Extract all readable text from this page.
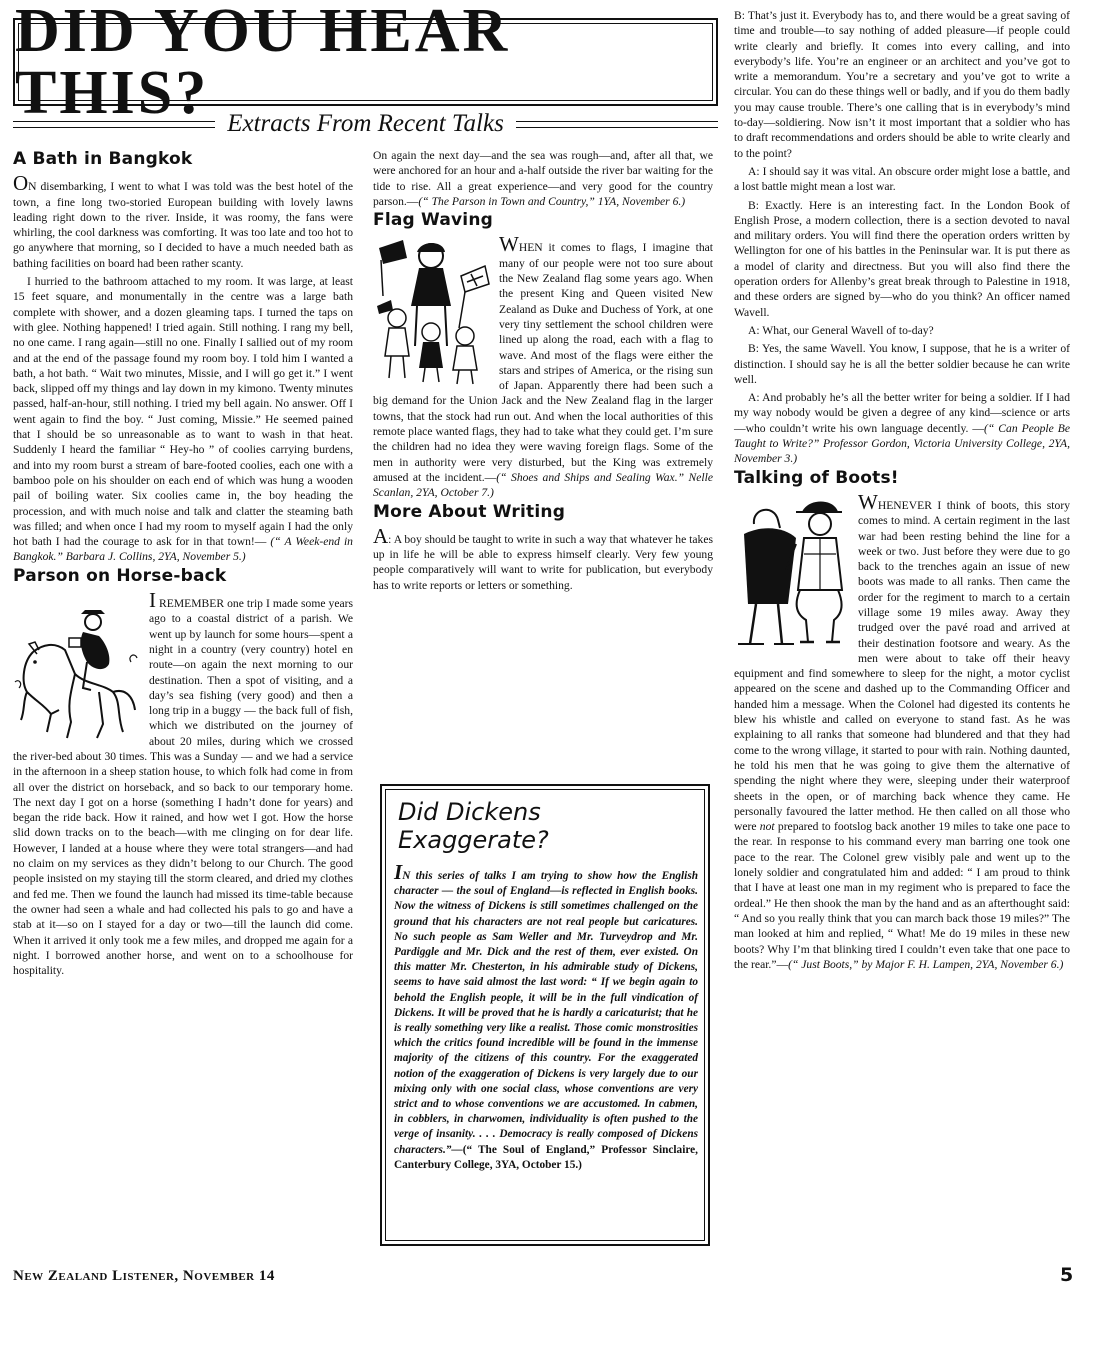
DID YOU HEAR THIS? Extracts From Recent Talks
A Bath in Bangkok

ON disembarking, I went to what I was told was the best hotel of the town, a fine long two-storied European building with lovely lawns leading right down to the river. Inside, it was roomy, the fans were whirling, the cool darkness was comforting. It was too late and too hot to go anywhere that morning, so I decided to have a much needed bath as bathing facilities on board had been rather scanty.

I hurried to the bathroom attached to my room. It was large, at least 15 feet square, and monumentally in the centre was a large bath complete with shower, and a dozen gleaming taps. I turned the taps on with glee. Nothing happened! I tried again. Still nothing. I rang my bell, no one came. I rang again—still no one. Finally I sallied out of my room and at the end of the passage found my room boy. I told him I wanted a bath, a hot bath. “ Wait two minutes, Missie, and I will go get it.” I went back, slipped off my things and lay down in my kimono. Twenty minutes passed, half-an-hour, still nothing. I tried my bell again. No answer. Off I went again to find the boy. “ Just coming, Missie.” He seemed pained that I should be so unreasonable as to want to wash in that heat. Suddenly I heard the familiar “ Hey-ho ” of coolies carrying burdens, and into my room burst a stream of bare-footed coolies, each one with a bamboo pole on his shoulder on each end of which was hung a wooden pail of boiling water. Six coolies came in, the boy heading the procession, and with much noise and talk and clatter the steaming bath was filled; and when once I had my room to myself again I had the only hot bath I had the courage to ask for in that town!— (“ A Week-end in Bangkok.” Barbara J. Collins, 2YA, November 5.)

Parson on Horse-back

I REMEMBER one trip I made some years ago to a coastal district of a parish. We went up by launch for some hours—spent a night in a country (very country) hotel en route—on again the next morning to our destination. Then a spot of visiting, and a day’s sea fishing (very good) and then a long trip in a buggy — the back full of fish, which we distributed on the journey of about 20 miles, during which we crossed the river-bed about 30 times. This was a Sunday — and we had a service in the afternoon in a sheep station house, to which folk had come in from all over the district on horseback, and so back to our temporary home. The next day I got on a horse (something I hadn’t done for years) and began the ride back. How it rained, and how wet I got. How the horse slid down tracks on to the beach—with me clinging on for dear life. However, I landed at a house where they were total strangers—and had no claim on my services as they didn’t belong to our Church. The good people insisted on my staying till the storm cleared, and dried my clothes and fed me. Then we found the launch had missed its time-table because the owner had seen a whale and had collected his pals to go and have a stab at it—so on I stayed for a day or two—till the launch did come. When it arrived it only took me a few miles, and dropped me again for a night. I borrowed another horse, and went on to a schoolhouse for hospitality.

On again the next day—and the sea was rough—and, after all that, we were anchored for an hour and a-half outside the river bar waiting for the tide to rise. All a great experience—and very good for the country parson.—(“ The Parson in Town and Country,” 1YA, November 6.)

Flag Waving

W
HEN it comes to flags, I imagine that many of our people were not too sure about the New Zealand flag some years ago. When the present King and Queen visited New Zealand as Duke and Duchess of York, at one very tiny settlement the school children were lined up along the road, each with a flag to wave. And most of the flags were either the stars and stripes of America, or the rising sun of Japan. Apparently there had been such a big demand for the Union Jack and the New Zealand flag in the larger towns, that the stock had run out. And when the local authorities of this remote place wanted flags, they had to take what they could get. I’m sure the children had no idea they were waving foreign flags. Some of the men in authority were very disturbed, but the King was extremely amused at the incident.—(“ Shoes and Ships and Sealing Wax.” Nelle Scanlan, 2YA, October 7.)

More About Writing

A: A boy should be taught to write in such a way that whatever he takes up in life he will be able to express himself clearly. Very few young people comparatively will want to write for publication, but everybody has to write reports or letters or something.

Did Dickens Exaggerate?

IN this series of talks I am trying to show how the English character — the soul of England—is reflected in English books. Now the witness of Dickens is still sometimes challenged on the ground that his characters are not real people but caricatures. No such people as Sam Weller and Mr. Turveydrop and Mr. Pardiggle and Mr. Dick and the rest of them, ever existed. On this matter Mr. Chesterton, in his admirable study of Dickens, seems to have said almost the last word: “ If we begin again to behold the English people, it will be in the full vindication of Dickens. It will be proved that he is hardly a caricaturist; that he is really something very like a realist. Those comic monstrosities which the critics found incredible will be found in the immense majority of the citizens of this country. For the exaggerated notion of the exaggeration of Dickens is very largely due to our mixing only with one social class, whose conventions are very strict and to whose conventions we are accustomed. In cabmen, in cobblers, in charwomen, individuality is often pushed to the verge of insanity. . . . Democracy is really composed of Dickens characters.”—(“ The Soul of England,” Professor Sinclaire, Canterbury College, 3YA, October 15.)

B: That’s just it. Everybody has to, and there would be a great saving of time and trouble—to say nothing of added pleasure—if people could write clearly and briefly. It comes into every calling, and into everybody’s life. You’re an engineer or an architect and you’ve got to write a memorandum. You’re a secretary and you’ve got to write a circular. You can do these things well or badly, and if you do them badly you may cause trouble. There’s one calling that is in everybody’s mind to-day—soldiering. Now isn’t it most important that a soldier who has to draft recommendations and orders should be able to write clearly and to the point?

A: I should say it was vital. An obscure order might lose a battle, and a lost battle might mean a lost war.

B: Exactly. Here is an interesting fact. In the London Book of English Prose, a modern collection, there is a section devoted to naval and military orders. You will find there the operation orders written by Wellington for one of his battles in the Peninsular war. It is put there as a model of clarity and directness. But you will also find there the operation orders for Allenby’s great break through to Palestine in 1918, and these orders are signed by—who do you think? An officer named Wavell.

A: What, our General Wavell of to-day?

B: Yes, the same Wavell. You know, I suppose, that he is a writer of distinction. I should say he is all the better soldier because he can write well.

A: And probably he’s all the better writer for being a soldier. If I had my way nobody would be given a degree of any kind—science or arts—who couldn’t write his own language decently. —(“ Can People Be Taught to Write?” Professor Gordon, Victoria University College, 2YA, November 3.)

Talking of Boots!

W
HENEVER I think of boots, this story comes to mind. A certain regiment in the last war had been resting behind the line for a week or two. Just before they were due to go back to the trenches again an issue of new boots was made to all ranks. Then came the order for the regiment to march to a certain village some 19 miles away. Away they trudged over the pavé road and arrived at their destination footsore and weary. As the men were about to take off their heavy equipment and find somewhere to sleep for the night, a motor cyclist appeared on the scene and dashed up to the Commanding Officer and handed him a message. When the Colonel had digested its contents he blew his whistle and called on everyone to stand fast. As he was explaining to all ranks that someone had blundered and that they had come to the wrong village, it started to pour with rain. Nothing daunted, he told his men that he was going to give them the alternative of spending the night where they were, sleeping under their waterproof sheets in the open, or of marching back whence they came. He personally favoured the latter method. He then called on all those who were not prepared to footslog back another 19 miles to take one pace to the rear. In response to his command every man barring one took one pace to the rear. The Colonel grew visibly pale and went up to the lonely soldier and congratulated him and added: “ I am proud to think that I have at least one man in my regiment who is prepared to face the ordeal.” He then shook the man by the hand and as an afterthought said: “ And so you really think that you can march back those 19 miles?” The man looked at him and replied, “ What! Me do 19 miles in these new boots? Why I’m that blinking tired I couldn’t even take that one pace to the rear.”—(“ Just Boots,” by Major F. H. Lampen, 2YA, November 6.)

New Zealand Listener, November 14	5
